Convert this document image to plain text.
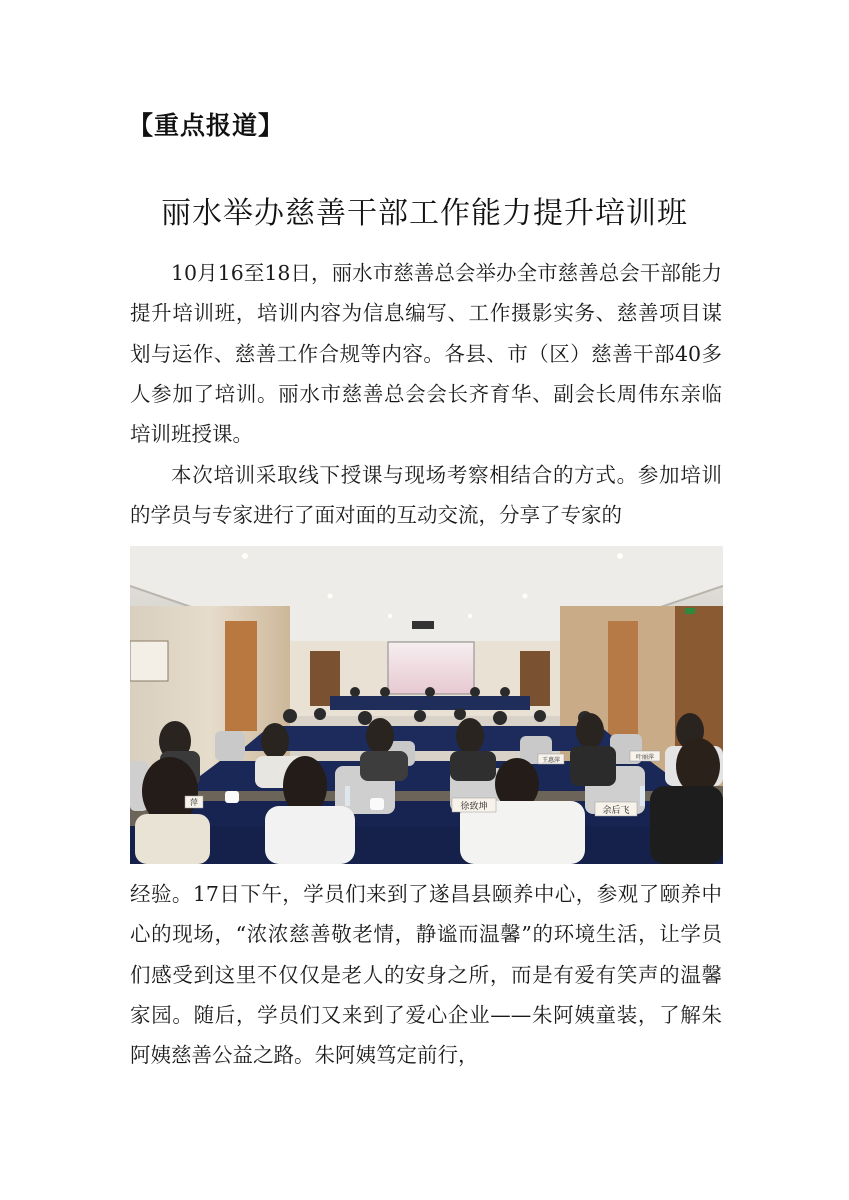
【重点报道】
丽水举办慈善干部工作能力提升培训班
10月16至18日，丽水市慈善总会举办全市慈善总会干部能力提升培训班，培训内容为信息编写、工作摄影实务、慈善项目谋划与运作、慈善工作合规等内容。各县、市（区）慈善干部40多人参加了培训。丽水市慈善总会会长齐育华、副会长周伟东亲临培训班授课。
本次培训采取线下授课与现场考察相结合的方式。参加培训的学员与专家进行了面对面的互动交流，分享了专家的
余后飞
徐致坤
王惠萍	叶丽萍
萍
经验。17日下午，学员们来到了遂昌县颐养中心，参观了颐养中心的现场，“浓浓慈善敬老情，静谧而温馨”的环境生活，让学员们感受到这里不仅仅是老人的安身之所，而是有爱有笑声的温馨家园。随后，学员们又来到了爱心企业——朱阿姨童装，了解朱阿姨慈善公益之路。朱阿姨笃定前行，
